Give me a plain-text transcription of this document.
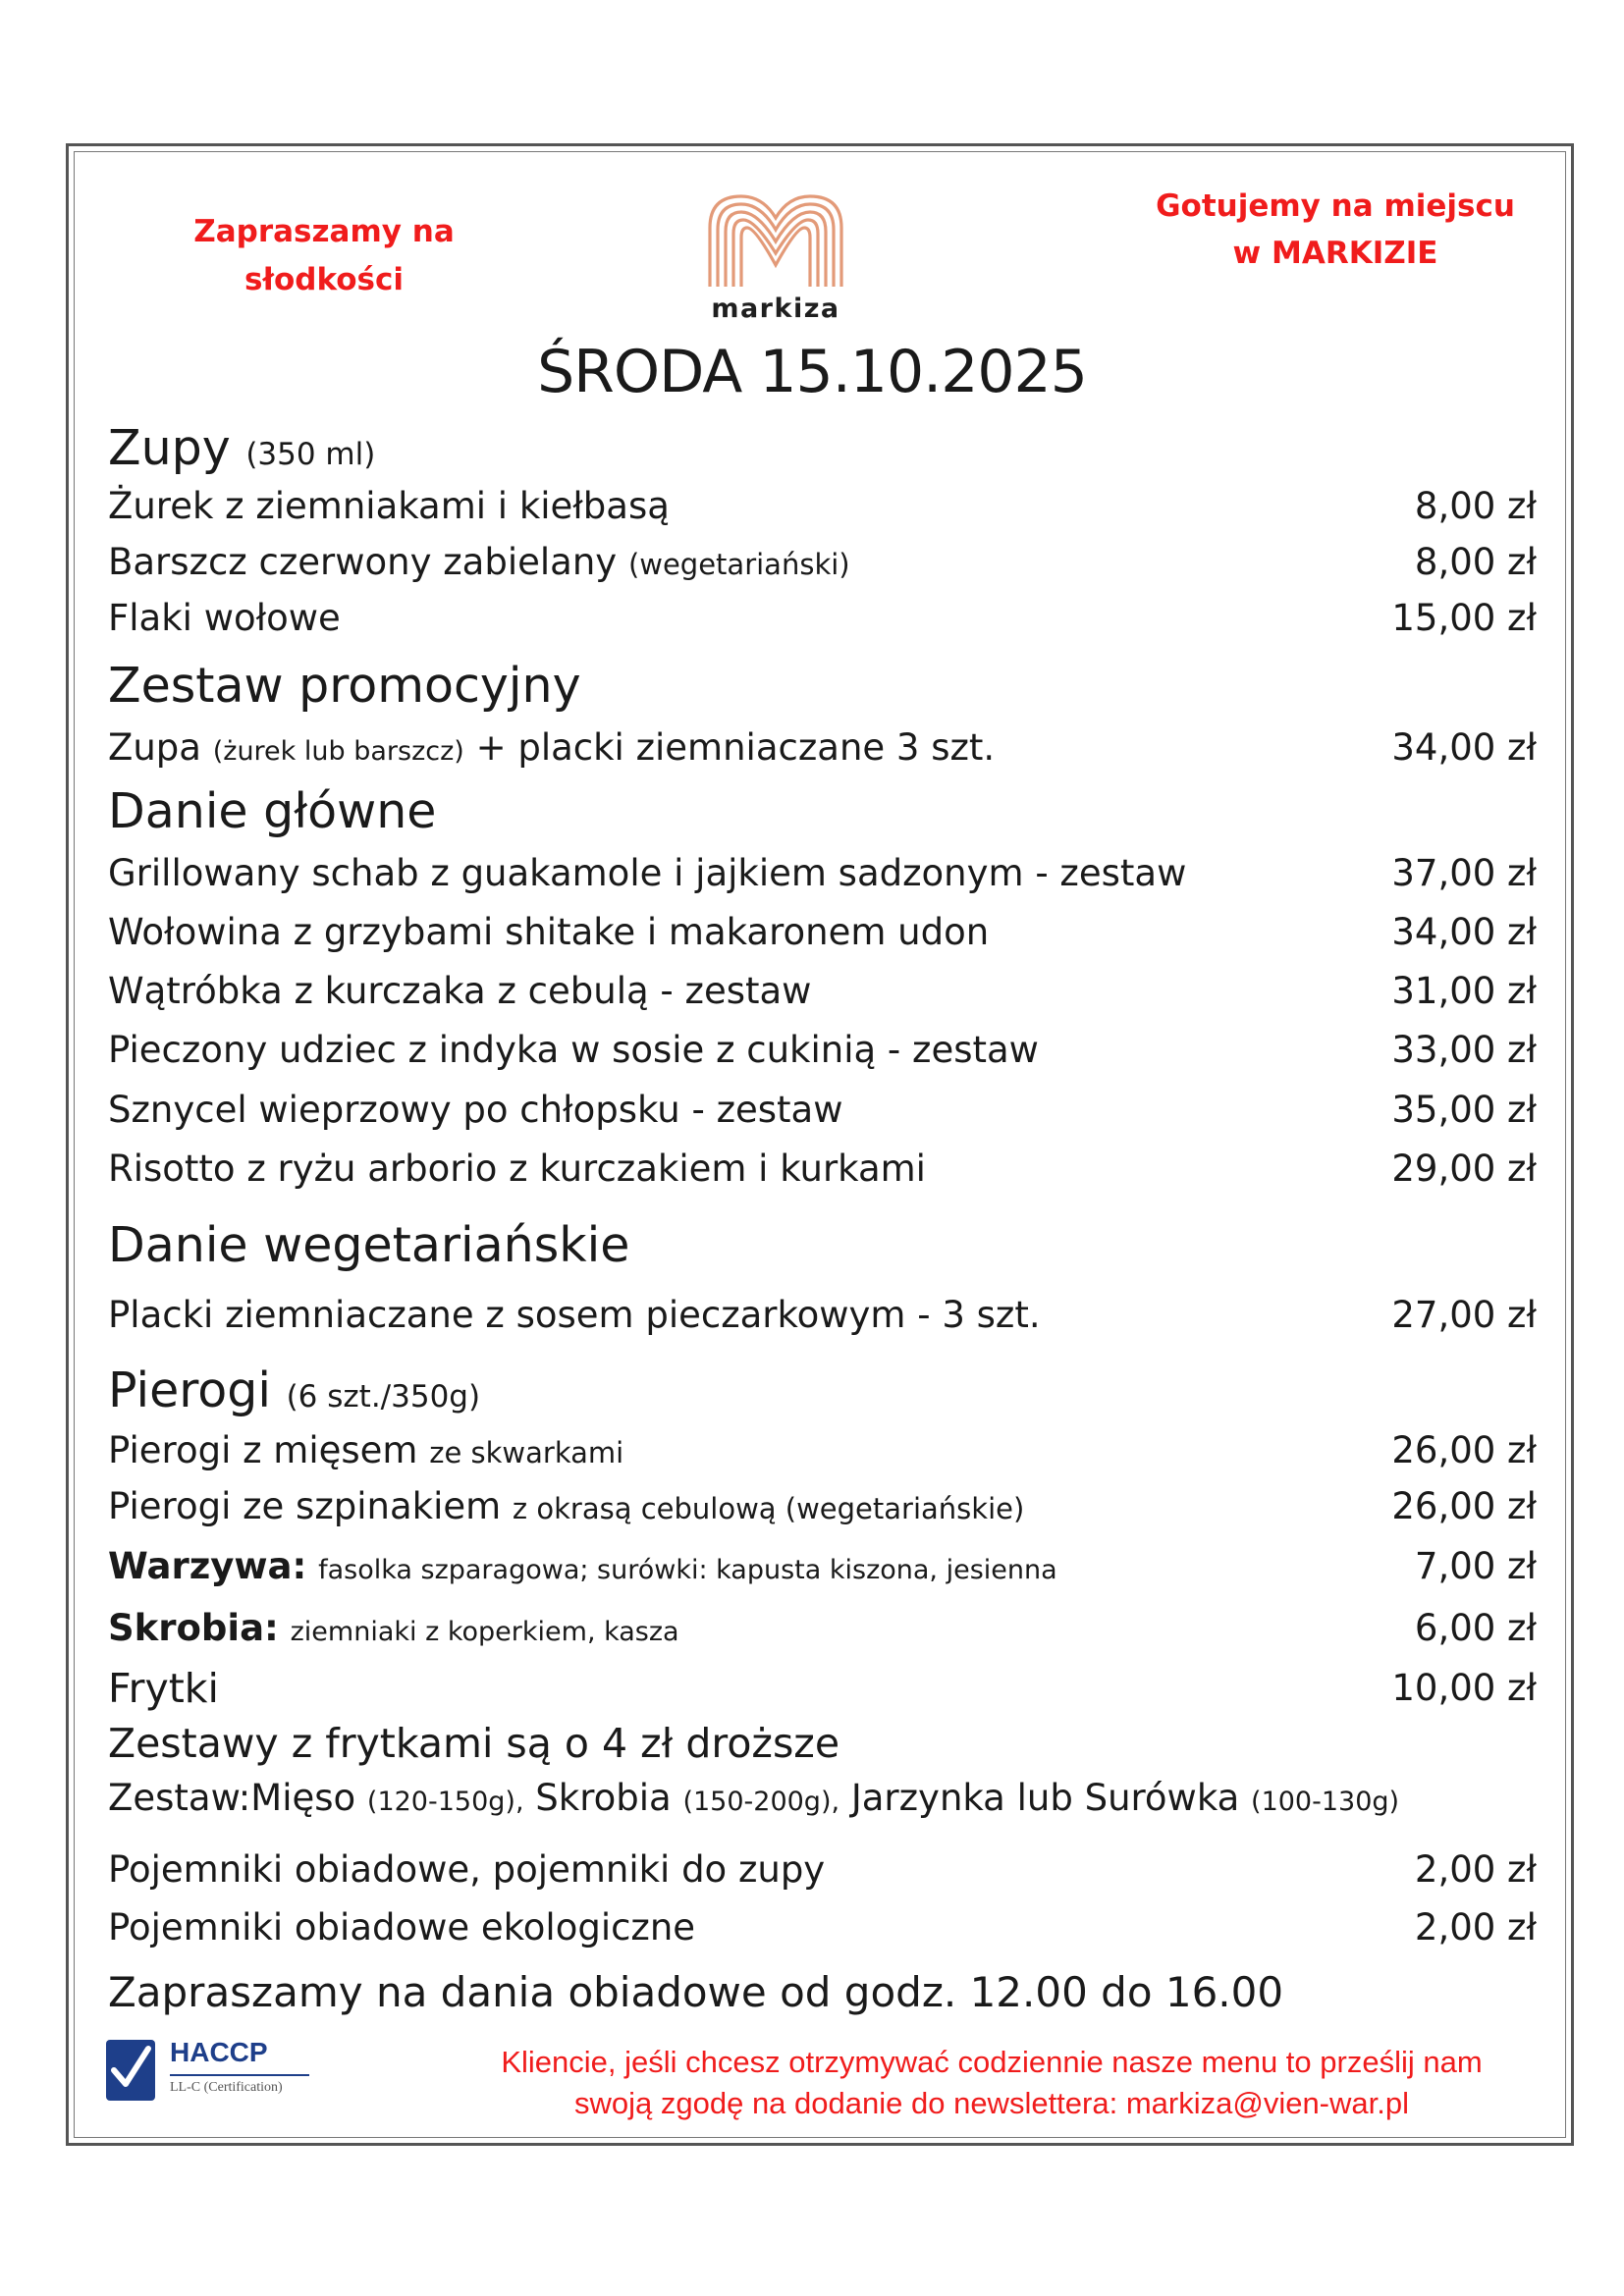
Zapraszamy na
słodkości
markiza
Gotujemy na miejscu
w MARKIZIE
ŚRODA 15.10.2025
Zupy (350 ml)
Żurek z ziemniakami i kiełbasą	8,00 zł
Barszcz czerwony zabielany (wegetariański)	8,00 zł
Flaki wołowe	15,00 zł
Zestaw promocyjny
Zupa (żurek lub barszcz) + placki ziemniaczane 3 szt.	34,00 zł
Danie główne
Grillowany schab z guakamole i jajkiem sadzonym - zestaw	37,00 zł
Wołowina z grzybami shitake i makaronem udon	34,00 zł
Wątróbka z kurczaka z cebulą - zestaw	31,00 zł
Pieczony udziec z indyka w sosie z cukinią - zestaw	33,00 zł
Sznycel wieprzowy po chłopsku - zestaw	35,00 zł
Risotto z ryżu arborio z kurczakiem i kurkami	29,00 zł
Danie wegetariańskie
Placki ziemniaczane z sosem pieczarkowym - 3 szt.	27,00 zł
Pierogi (6 szt./350g)
Pierogi z mięsem ze skwarkami	26,00 zł
Pierogi ze szpinakiem z okrasą cebulową (wegetariańskie)	26,00 zł
Warzywa: fasolka szparagowa; surówki: kapusta kiszona, jesienna	7,00 zł
Skrobia: ziemniaki z koperkiem, kasza	6,00 zł
Frytki	10,00 zł
Zestawy z frytkami są o 4 zł droższe
Zestaw:Mięso (120-150g), Skrobia (150-200g), Jarzynka lub Surówka (100-130g)
Pojemniki obiadowe, pojemniki do zupy	2,00 zł
Pojemniki obiadowe ekologiczne	2,00 zł
Zapraszamy na dania obiadowe od godz. 12.00 do 16.00
HACCP
LL-C (Certification)
Kliencie, jeśli chcesz otrzymywać codziennie nasze menu to prześlij nam
swoją zgodę na dodanie do newslettera: markiza@vien-war.pl
